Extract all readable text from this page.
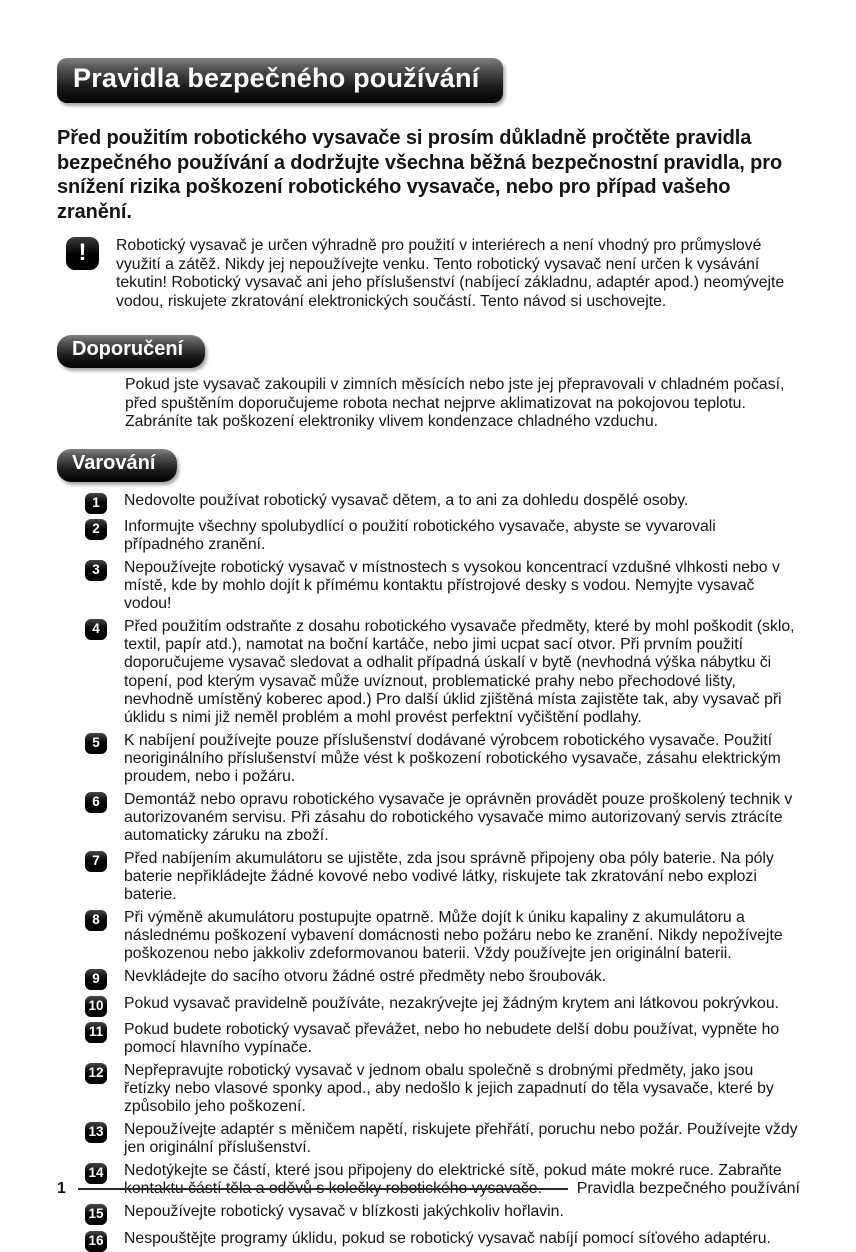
Pravidla bezpečného používání

Před použitím robotického vysavače si prosím důkladně pročtěte pravidla bezpečného používání a dodržujte všechna běžná bezpečnostní pravidla, pro snížení rizika poškození robotického vysavače, nebo pro případ vašeho zranění.

!	Robotický vysavač je určen výhradně pro použití v interiérech a není vhodný pro průmyslové využití a zátěž. Nikdy jej nepoužívejte venku. Tento robotický vysavač není určen k vysávání tekutin! Robotický vysavač ani jeho příslušenství (nabíjecí základnu, adaptér apod.) neomývejte vodou, riskujete zkratování elektronických součástí. Tento návod si uschovejte.

Doporučení

Pokud jste vysavač zakoupili v zimních měsících nebo jste jej přepravovali v chladném počasí, před spuštěním doporučujeme robota nechat nejprve aklimatizovat na pokojovou teplotu. Zabráníte tak poškození elektroniky vlivem kondenzace chladného vzduchu.

Varování
1	Nedovolte používat robotický vysavač dětem, a to ani za dohledu dospělé osoby.
2	Informujte všechny spolubydlící o použití robotického vysavače, abyste se vyvarovali případného zranění.
3	Nepoužívejte robotický vysavač v místnostech s vysokou koncentrací vzdušné vlhkosti nebo v místě, kde by mohlo dojít k přímému kontaktu přístrojové desky s vodou. Nemyjte vysavač vodou!
4	Před použitím odstraňte z dosahu robotického vysavače předměty, které by mohl poškodit (sklo, textil, papír atd.), namotat na boční kartáče, nebo jimi ucpat sací otvor. Při prvním použití doporučujeme vysavač sledovat a odhalit případná úskalí v bytě (nevhodná výška nábytku či topení, pod kterým vysavač může uvíznout, problematické prahy nebo přechodové lišty, nevhodně umístěný koberec apod.) Pro další úklid zjištěná místa zajistěte tak, aby vysavač při úklidu s nimi již neměl problém a mohl provést perfektní vyčištění podlahy.
5	K nabíjení používejte pouze příslušenství dodávané výrobcem robotického vysavače. Použití neoriginálního příslušenství může vést k poškození robotického vysavače, zásahu elektrickým proudem, nebo i požáru.
6	Demontáž nebo opravu robotického vysavače je oprávněn provádět pouze proškolený technik v autorizovaném servisu. Při zásahu do robotického vysavače mimo autorizovaný servis ztrácíte automaticky záruku na zboží.
7	Před nabíjením akumulátoru se ujistěte, zda jsou správně připojeny oba póly baterie. Na póly baterie nepřikládejte žádné kovové nebo vodivé látky, riskujete tak zkratování nebo explozi baterie.
8	Při výměně akumulátoru postupujte opatrně. Může dojít k úniku kapaliny z akumulátoru a následnému poškození vybavení domácnosti nebo požáru nebo ke zranění. Nikdy nepožívejte poškozenou nebo jakkoliv zdeformovanou baterii. Vždy používejte jen originální baterii.
9	Nevkládejte do sacího otvoru žádné ostré předměty nebo šroubovák.
10 Pokud vysavač pravidelně používáte, nezakrývejte jej žádným krytem ani látkovou pokrývkou.
11 Pokud budete robotický vysavač převážet, nebo ho nebudete delší dobu používat, vypněte ho pomocí hlavního vypínače.
12 Nepřepravujte robotický vysavač v jednom obalu společně s drobnými předměty, jako jsou řetízky nebo vlasové sponky apod., aby nedošlo k jejich zapadnutí do těla vysavače, které by způsobilo jeho poškození.
13 Nepoužívejte adaptér s měničem napětí, riskujete přehřátí, poruchu nebo požár. Používejte vždy jen originální příslušenství.
14 Nedotýkejte se částí, které jsou připojeny do elektrické sítě, pokud máte mokré ruce. Zabraňte kontaktu částí těla a oděvů s kolečky robotického vysavače.
15 Nepoužívejte robotický vysavač v blízkosti jakýchkoliv hořlavin.
16 Nespouštějte programy úklidu, pokud se robotický vysavač nabíjí pomocí síťového adaptéru.
1	Pravidla bezpečného používání
